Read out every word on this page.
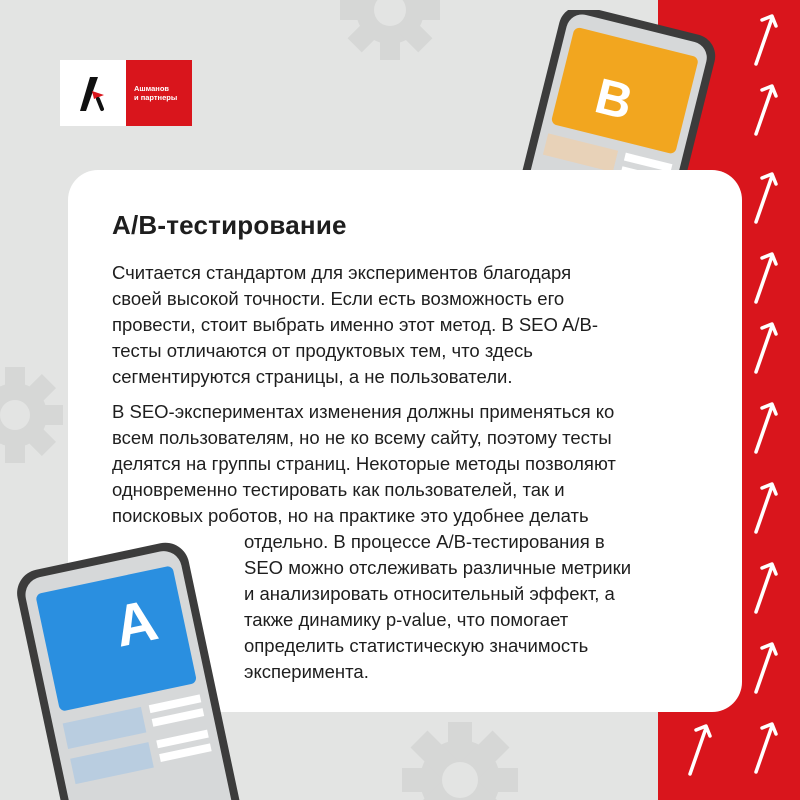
Ашманов
и партнеры	B
A/B-тестирование
Считается стандартом для экспериментов благодаря
своей высокой точности. Если есть возможность его
провести, стоит выбрать именно этот метод. В SEO A/B-
тесты отличаются от продуктовых тем, что здесь
сегментируются страницы, а не пользователи.
В SEO-экспериментах изменения должны применяться ко
всем пользователям, но не ко всему сайту, поэтому тесты
делятся на группы страниц. Некоторые методы позволяют
одновременно тестировать как пользователей, так и
поисковых роботов, но на практике это удобнее делать
отдельно. В процессе A/B-тестирования в
SEO можно отслеживать различные метрики
и анализировать относительный эффект, а
также динамику p-value, что помогает
определить статистическую значимость
эксперимента.
A
